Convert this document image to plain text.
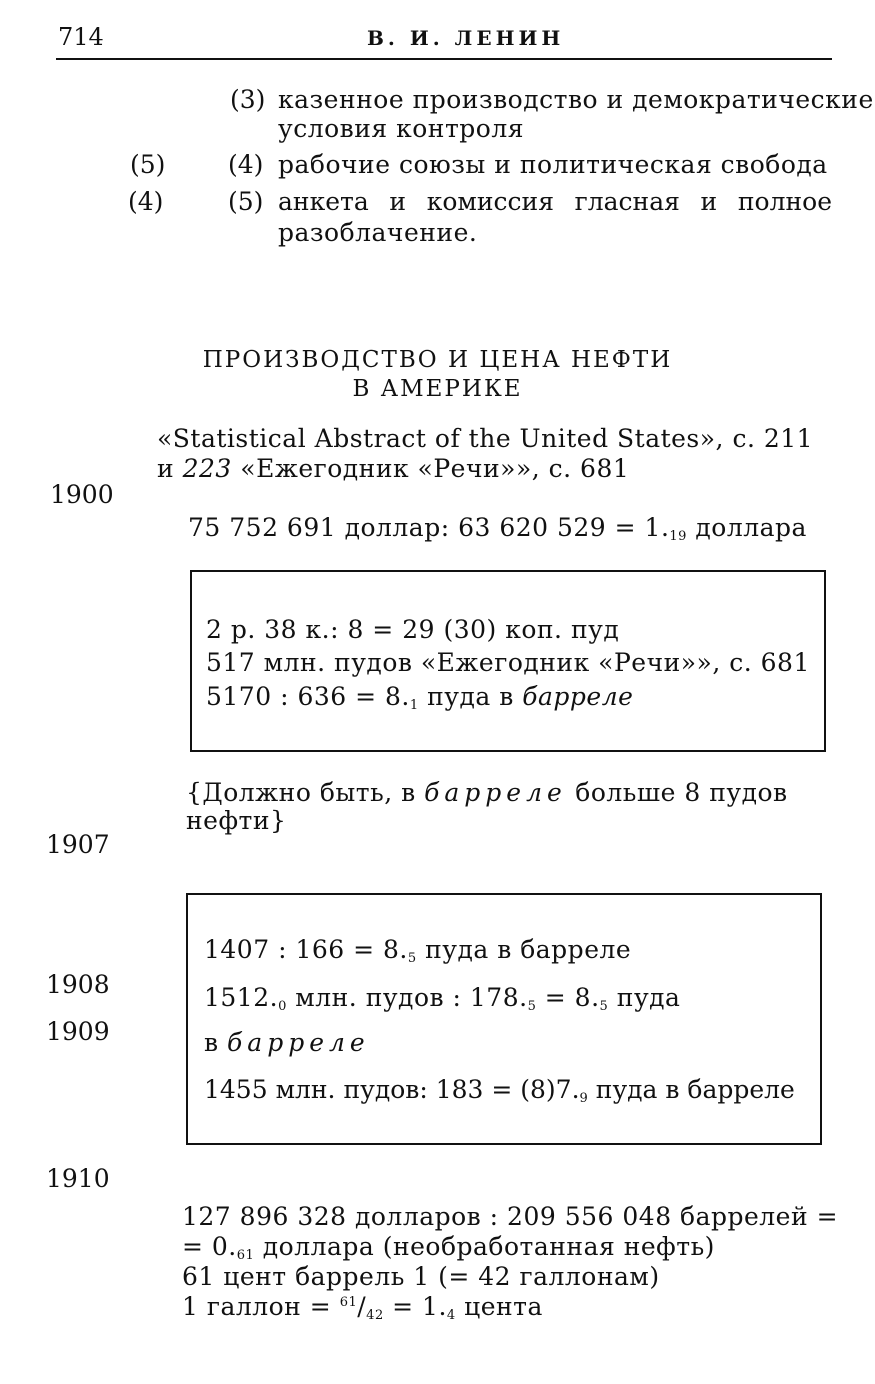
714	В. И. ЛЕНИН
(3) казенное производство и демократические
условия контроля
(5)	(4) рабочие союзы и политическая свобода
(4)	(5) анкета и комиссия гласная и полное
разоблачение.
ПРОИЗВОДСТВО И ЦЕНА НЕФТИ
В АМЕРИКЕ
«Statistical Abstract of the United States», с. 211
и 223 «Ежегодник «Речи»», с. 681
1900
1907
1908
1909
1910
75 752 691 доллар: 63 620 $529 = 1._{19}$ доллара
2 р. 38 к.: 8 = 29 (30) коп. пуд
517 млн. пудов «Ежегодник «Речи»», с. 681
5170 : $636 = 8._1$ пуда в барреле
{Должно быть, в барреле больше 8 пудов
нефти}
1407 : $166 = 8._5$ пуда в барреле
$1512._0$ млн. пудов : $178._5 = 8._5$ пуда
в барреле
1455 млн. пудов: $183 = (8)7._9$ пуда в барреле
127 896 328 долларов : 209 556 048 баррелей =
= $0._{61}$ доллара (необработанная нефть)
61 цент баррель 1 (= 42 галлонам)
1 галлон = $^{61}/_{42} = 1._4$ цента
